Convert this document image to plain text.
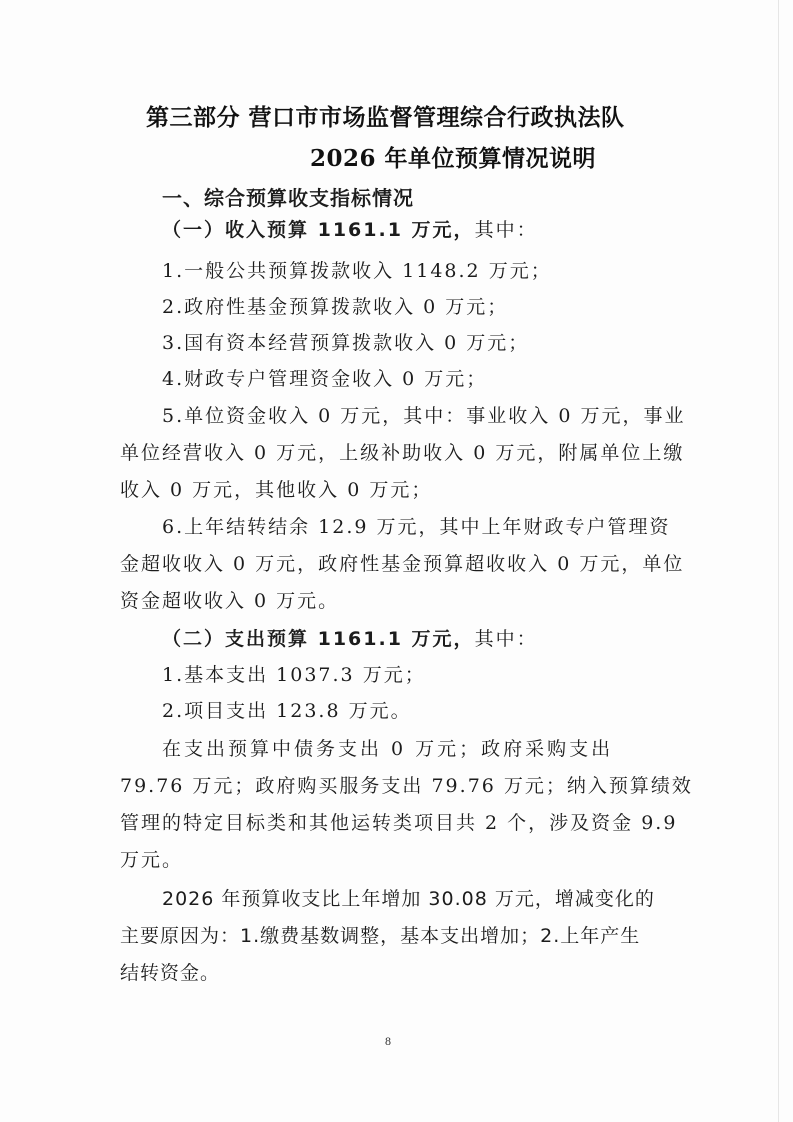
第三部分 营口市市场监督管理综合行政执法队
2026 年单位预算情况说明
一、综合预算收支指标情况
（一）收入预算 1161.1 万元，其中：
1.一般公共预算拨款收入 1148.2 万元；
2.政府性基金预算拨款收入 0 万元；
3.国有资本经营预算拨款收入 0 万元；
4.财政专户管理资金收入 0 万元；
5.单位资金收入 0 万元，其中：事业收入 0 万元，事业
单位经营收入 0 万元，上级补助收入 0 万元，附属单位上缴
收入 0 万元，其他收入 0 万元；
6.上年结转结余 12.9 万元，其中上年财政专户管理资
金超收收入 0 万元，政府性基金预算超收收入 0 万元，单位
资金超收收入 0 万元。
（二）支出预算 1161.1 万元，其中：
1.基本支出 1037.3 万元；
2.项目支出 123.8 万元。
在支出预算中债务支出 0 万元；政府采购支出
79.76 万元；政府购买服务支出 79.76 万元；纳入预算绩效
管理的特定目标类和其他运转类项目共 2 个，涉及资金 9.9
万元。
2026 年预算收支比上年增加 30.08 万元，增减变化的
主要原因为：1.缴费基数调整，基本支出增加；2.上年产生
结转资金。
8
